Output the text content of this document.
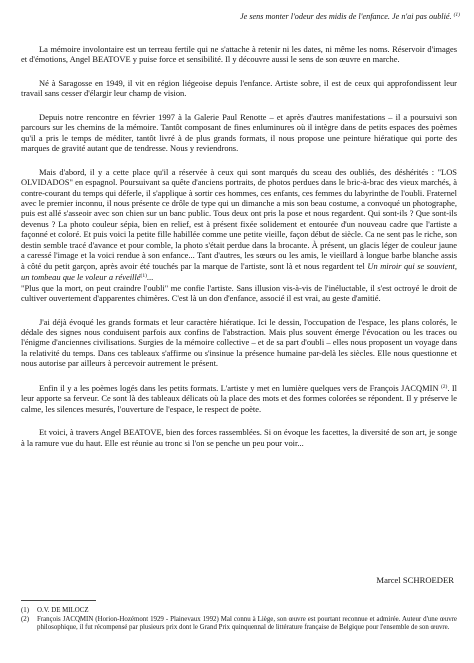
Je sens monter l'odeur des midis de l'enfance. Je n'ai pas oublié. $^{(1)}$

La mémoire involontaire est un terreau fertile qui ne s'attache à retenir ni les dates, ni même les noms. Réservoir d'images et d'émotions, Angel BEATOVE y puise force et sensibilité. Il y découvre aussi le sens de son œuvre en marche.

Né à Saragosse en 1949, il vit en région liégeoise depuis l'enfance. Artiste sobre, il est de ceux qui approfondissent leur travail sans cesser d'élargir leur champ de vision.

Depuis notre rencontre en février 1997 à la Galerie Paul Renotte – et après d'autres manifestations – il a poursuivi son parcours sur les chemins de la mémoire. Tantôt composant de fines enluminures où il intègre dans de petits espaces des poèmes qu'il a pris le temps de méditer, tantôt livré à de plus grands formats, il nous propose une peinture hiératique qui porte des marques de gravité autant que de tendresse. Nous y reviendrons.

Mais d'abord, il y a cette place qu'il a réservée à ceux qui sont marqués du sceau des oubliés, des déshérités : "LOS OLVIDADOS" en espagnol. Poursuivant sa quête d'anciens portraits, de photos perdues dans le bric-à-brac des vieux marchés, à contre-courant du temps qui déferle, il s'applique à sortir ces hommes, ces enfants, ces femmes du labyrinthe de l'oubli. Fraternel avec le premier inconnu, il nous présente ce drôle de type qui un dimanche a mis son beau costume, a convoqué un photographe, puis est allé s'asseoir avec son chien sur un banc public. Tous deux ont pris la pose et nous regardent. Qui sont-ils ? Que sont-ils devenus ? La photo couleur sépia, bien en relief, est à présent fixée solidement et entourée d'un nouveau cadre que l'artiste a façonné et coloré. Et puis voici la petite fille habillée comme une petite vieille, façon début de siècle. Ca ne sent pas le riche, son destin semble tracé d'avance et pour comble, la photo s'était perdue dans la brocante. À présent, un glacis léger de couleur jaune a caressé l'image et la voici rendue à son enfance... Tant d'autres, les sœurs ou les amis, le vieillard à longue barbe blanche assis à côté du petit garçon, après avoir été touchés par la marque de l'artiste, sont là et nous regardent tel Un miroir qui se souvient, un tombeau que le voleur a réveillé$^{(1)}$...

"Plus que la mort, on peut craindre l'oubli" me confie l'artiste. Sans illusion vis-à-vis de l'inéluctable, il s'est octroyé le droit de cultiver ouvertement d'apparentes chimères. C'est là un don d'enfance, associé il est vrai, au geste d'amitié.

J'ai déjà évoqué les grands formats et leur caractère hiératique. Ici le dessin, l'occupation de l'espace, les plans colorés, le dédale des signes nous conduisent parfois aux confins de l'abstraction. Mais plus souvent émerge l'évocation ou les traces ou l'énigme d'anciennes civilisations. Surgies de la mémoire collective – et de sa part d'oubli – elles nous proposent un voyage dans la relativité du temps. Dans ces tableaux s'affirme ou s'insinue la présence humaine par-delà les siècles. Elle nous questionne et nous autorise par ailleurs à percevoir autrement le présent.

Enfin il y a les poèmes logés dans les petits formats. L'artiste y met en lumière quelques vers de François JACQMIN $^{(2)}$. Il leur apporte sa ferveur. Ce sont là des tableaux délicats où la place des mots et des formes colorées se répondent. Il y préserve le calme, les silences mesurés, l'ouverture de l'espace, le respect de poète.

Et voici, à travers Angel BEATOVE, bien des forces rassemblées. Si on évoque les facettes, la diversité de son art, je songe à la ramure vue du haut. Elle est réunie au tronc si l'on se penche un peu pour voir...

Marcel SCHROEDER
(1)	O.V. DE MILOCZ
(2)	François JACQMIN (Horion-Hozémont 1929 - Plainevaux 1992) Mal connu à Liège, son œuvre est pourtant reconnue et admirée. Auteur d'une œuvre philosophique, il fut récompensé par plusieurs prix dont le Grand Prix quinquennal de littérature française de Belgique pour l'ensemble de son œuvre.
